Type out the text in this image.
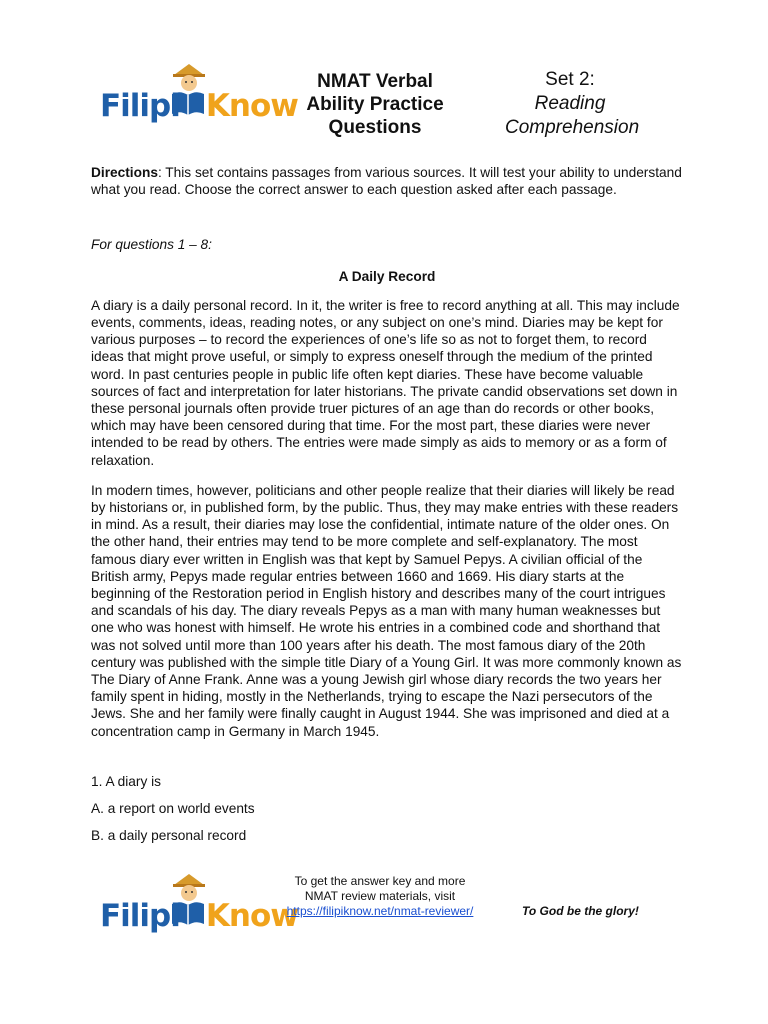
Filipi Know
NMAT Verbal
Ability Practice
Questions
Set 2:
Reading
Comprehension

Directions: This set contains passages from various sources. It will test your ability to understand what you read. Choose the correct answer to each question asked after each passage.

For questions 1 – 8:

A Daily Record

A diary is a daily personal record. In it, the writer is free to record anything at all. This may include events, comments, ideas, reading notes, or any subject on one’s mind. Diaries may be kept for various purposes – to record the experiences of one’s life so as not to forget them, to record ideas that might prove useful, or simply to express oneself through the medium of the printed word. In past centuries people in public life often kept diaries. These have become valuable sources of fact and interpretation for later historians. The private candid observations set down in these personal journals often provide truer pictures of an age than do records or other books, which may have been censored during that time. For the most part, these diaries were never intended to be read by others. The entries were made simply as aids to memory or as a form of relaxation.

In modern times, however, politicians and other people realize that their diaries will likely be read by historians or, in published form, by the public. Thus, they may make entries with these readers in mind. As a result, their diaries may lose the confidential, intimate nature of the older ones. On the other hand, their entries may tend to be more complete and self-explanatory. The most famous diary ever written in English was that kept by Samuel Pepys. A civilian official of the British army, Pepys made regular entries between 1660 and 1669. His diary starts at the beginning of the Restoration period in English history and describes many of the court intrigues and scandals of his day. The diary reveals Pepys as a man with many human weaknesses but one who was honest with himself. He wrote his entries in a combined code and shorthand that was not solved until more than 100 years after his death. The most famous diary of the 20th century was published with the simple title Diary of a Young Girl. It was more commonly known as The Diary of Anne Frank. Anne was a young Jewish girl whose diary records the two years her family spent in hiding, mostly in the Netherlands, trying to escape the Nazi persecutors of the Jews. She and her family were finally caught in August 1944. She was imprisoned and died at a concentration camp in Germany in March 1945.

1. A diary is

A. a report on world events

B. a daily personal record

Filipi Know
To get the answer key and more
NMAT review materials, visit
https://filipiknow.net/nmat-reviewer/	To God be the glory!
